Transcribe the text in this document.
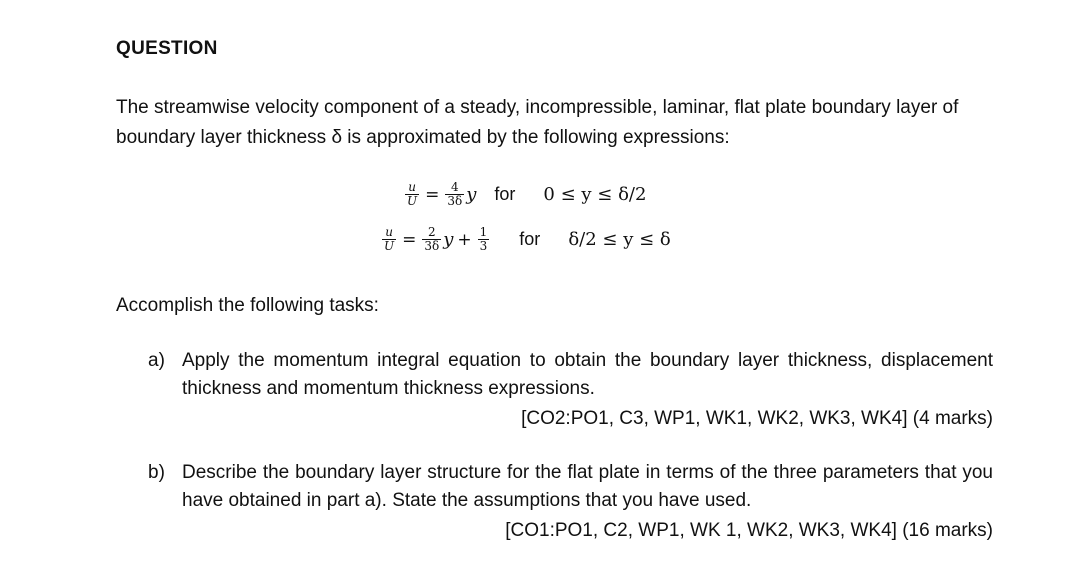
QUESTION
The streamwise velocity component of a steady, incompressible, laminar, flat plate boundary layer of boundary layer thickness δ is approximated by the following expressions:
$\frac{u}{U} = \frac{4}{3\delta}$ y for 0 ≤ y ≤ δ/2
$\frac{u}{U} = \frac{2}{3\delta}$ $y + \frac{1}{3}$ for δ/2 ≤ y ≤ δ
Accomplish the following tasks:
a) Apply the momentum integral equation to obtain the boundary layer thickness, displacement thickness and momentum thickness expressions.
[CO2:PO1, C3, WP1, WK1, WK2, WK3, WK4] (4 marks)
b) Describe the boundary layer structure for the flat plate in terms of the three parameters that you have obtained in part a). State the assumptions that you have used.
[CO1:PO1, C2, WP1, WK 1, WK2, WK3, WK4] (16 marks)
